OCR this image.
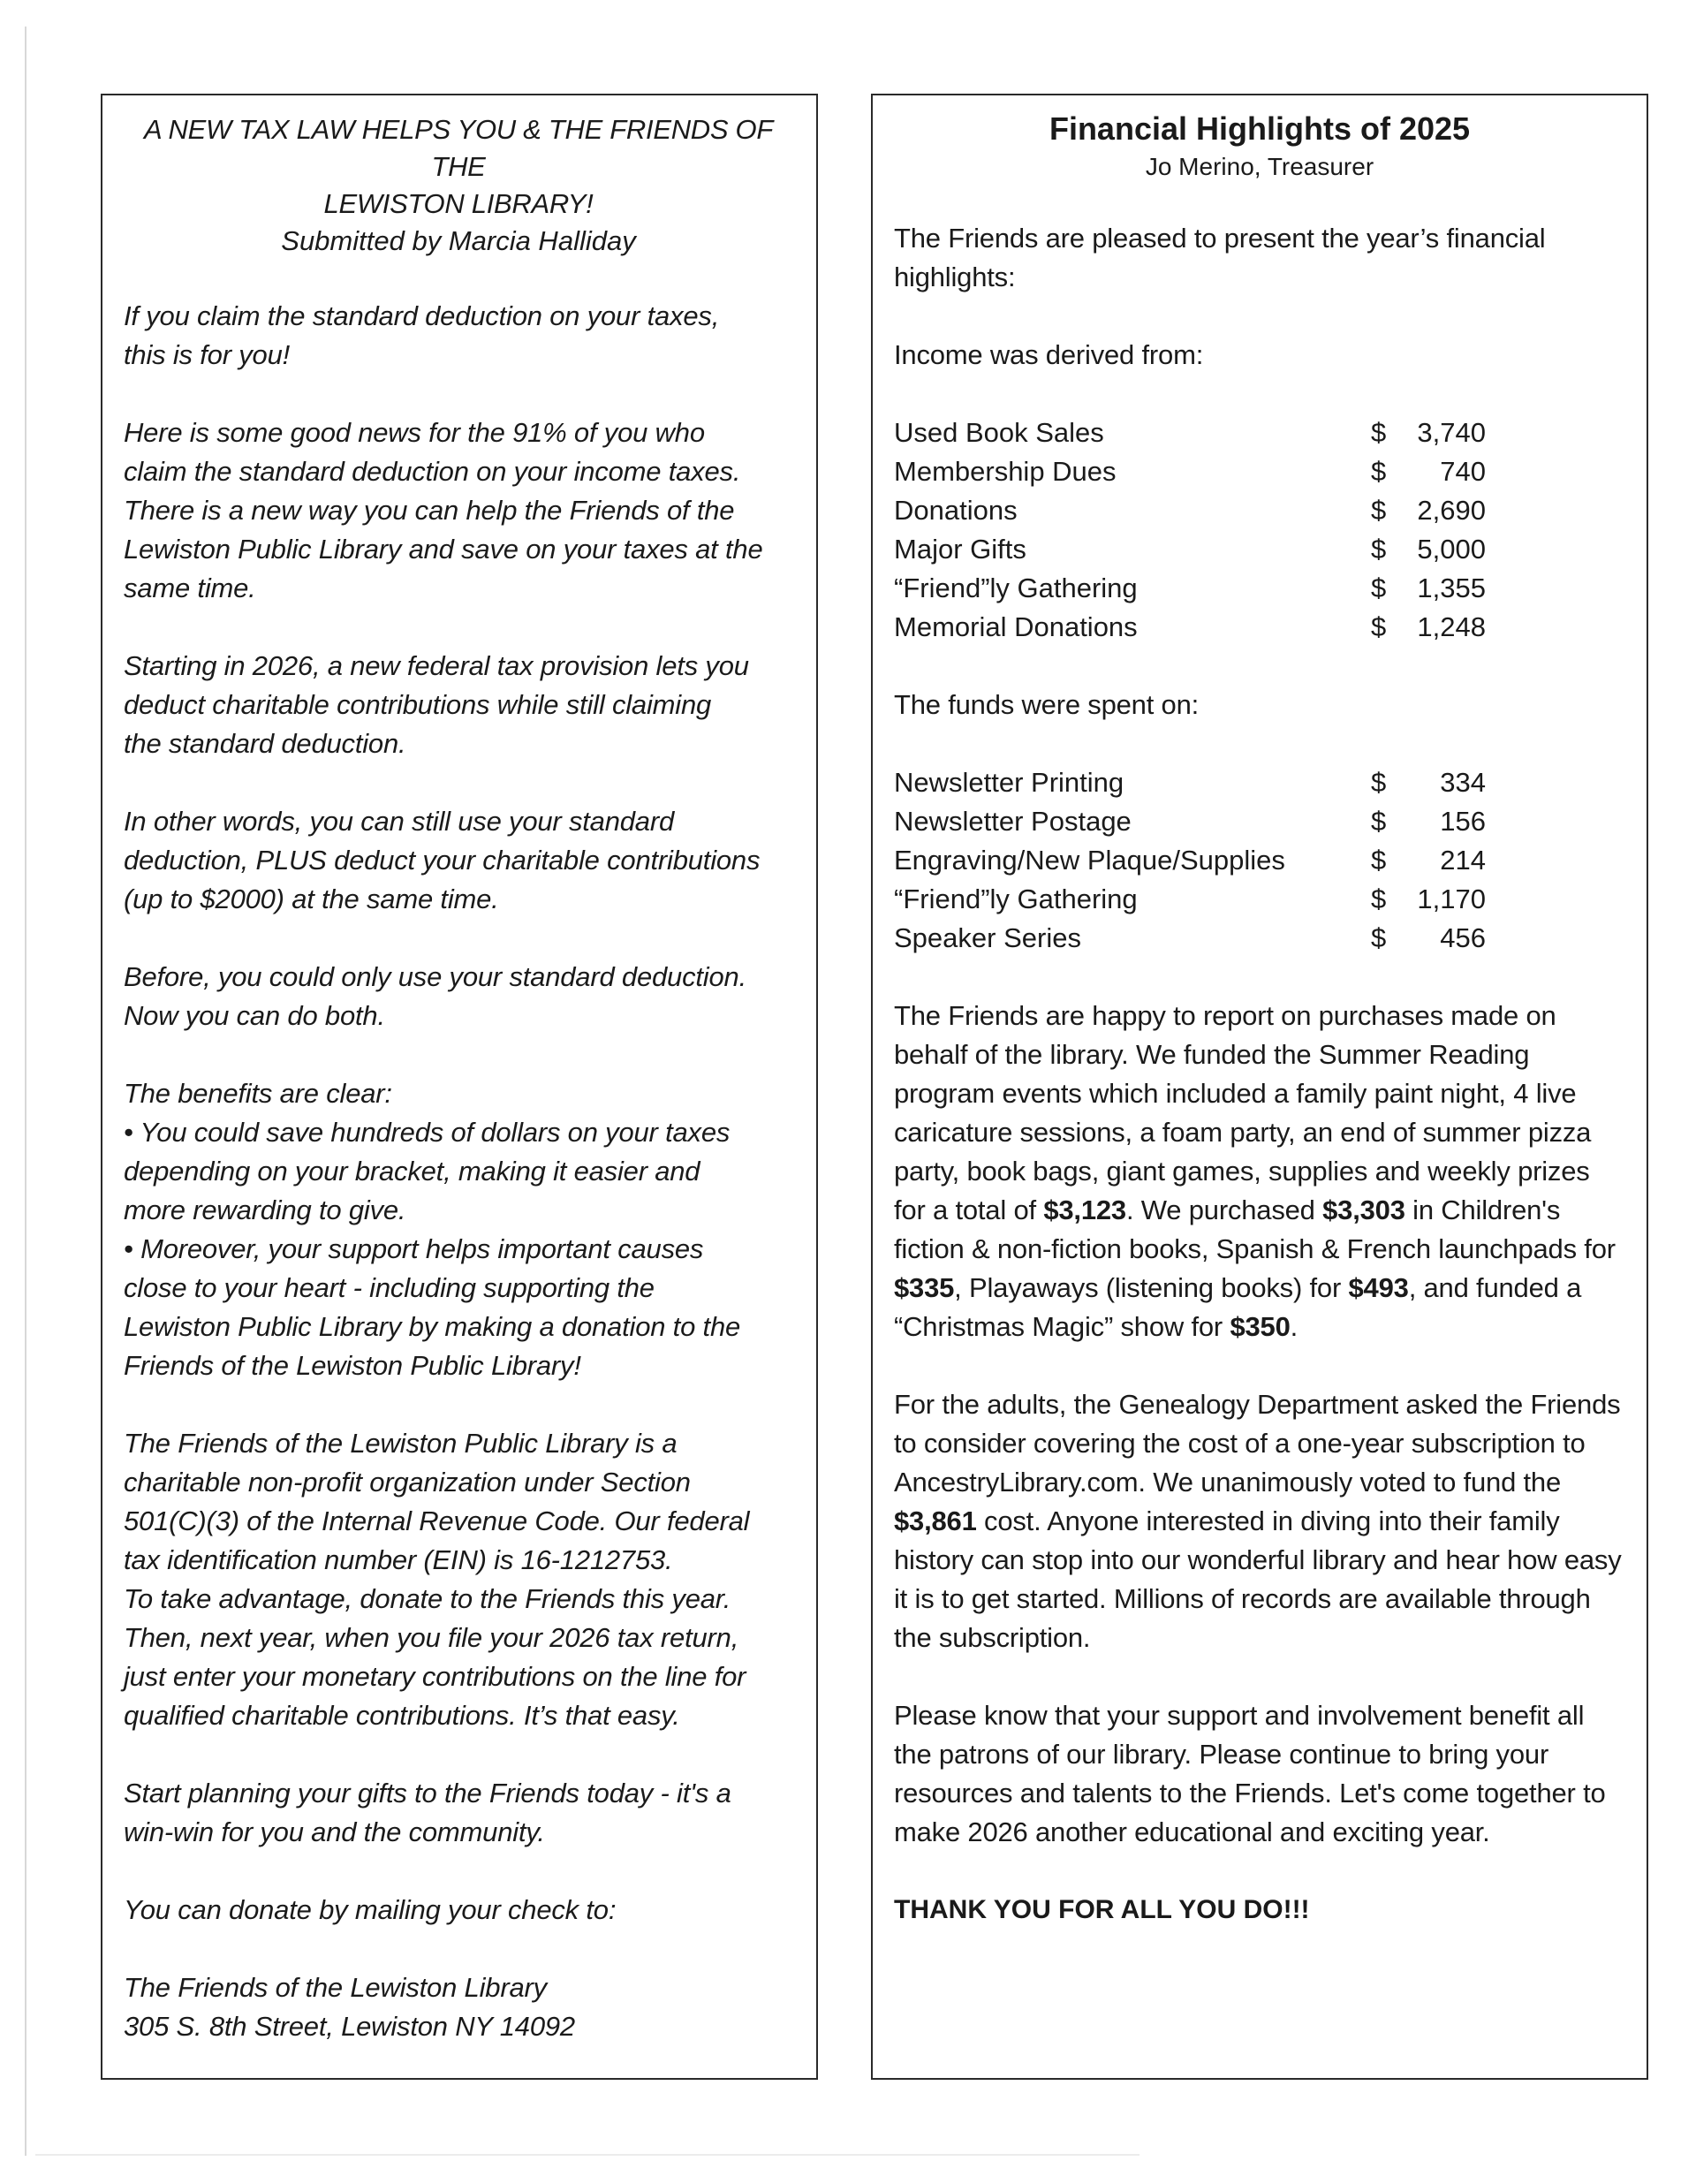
A NEW TAX LAW HELPS YOU & THE FRIENDS OF THE
LEWISTON LIBRARY!

Submitted by Marcia Halliday

If you claim the standard deduction on your taxes,
this is for you!

Here is some good news for the 91% of you who
claim the standard deduction on your income taxes.
There is a new way you can help the Friends of the
Lewiston Public Library and save on your taxes at the
same time.

Starting in 2026, a new federal tax provision lets you
deduct charitable contributions while still claiming
the standard deduction.

In other words, you can still use your standard
deduction, PLUS deduct your charitable contributions
(up to $2000) at the same time.

Before, you could only use your standard deduction.
Now you can do both.

The benefits are clear:
• You could save hundreds of dollars on your taxes
depending on your bracket, making it easier and
more rewarding to give.
• Moreover, your support helps important causes
close to your heart - including supporting the
Lewiston Public Library by making a donation to the
Friends of the Lewiston Public Library!

The Friends of the Lewiston Public Library is a
charitable non-profit organization under Section
501(C)(3) of the Internal Revenue Code. Our federal
tax identification number (EIN) is 16-1212753.
To take advantage, donate to the Friends this year.
Then, next year, when you file your 2026 tax return,
just enter your monetary contributions on the line for
qualified charitable contributions. It’s that easy.

Start planning your gifts to the Friends today - it's a
win-win for you and the community.

You can donate by mailing your check to:

The Friends of the Lewiston Library
305 S. 8th Street, Lewiston NY 14092

Financial Highlights of 2025

Jo Merino, Treasurer

The Friends are pleased to present the year’s financial highlights:

Income was derived from:

Used Book Sales	$	3,740
Membership Dues	$	740
Donations	$	2,690
Major Gifts	$	5,000
“Friend”ly Gathering	$	1,355
Memorial Donations	$	1,248

The funds were spent on:

Newsletter Printing	$	334
Newsletter Postage	$	156
Engraving/New Plaque/Supplies	$	214
“Friend”ly Gathering	$	1,170
Speaker Series	$	456

The Friends are happy to report on purchases made on behalf of the library. We funded the Summer Reading program events which included a family paint night, 4 live caricature sessions, a foam party, an end of summer pizza party, book bags, giant games, supplies and weekly prizes for a total of $3,123. We purchased $3,303 in Children's fiction & non-fiction books, Spanish & French launchpads for $335, Playaways (listening books) for $493, and funded a “Christmas Magic” show for $350.

For the adults, the Genealogy Department asked the Friends to consider covering the cost of a one-year subscription to AncestryLibrary.com. We unanimously voted to fund the $3,861 cost. Anyone interested in diving into their family history can stop into our wonderful library and hear how easy it is to get started. Millions of records are available through the subscription.

Please know that your support and involvement benefit all the patrons of our library. Please continue to bring your resources and talents to the Friends. Let's come together to make 2026 another educational and exciting year.

THANK YOU FOR ALL YOU DO!!!
